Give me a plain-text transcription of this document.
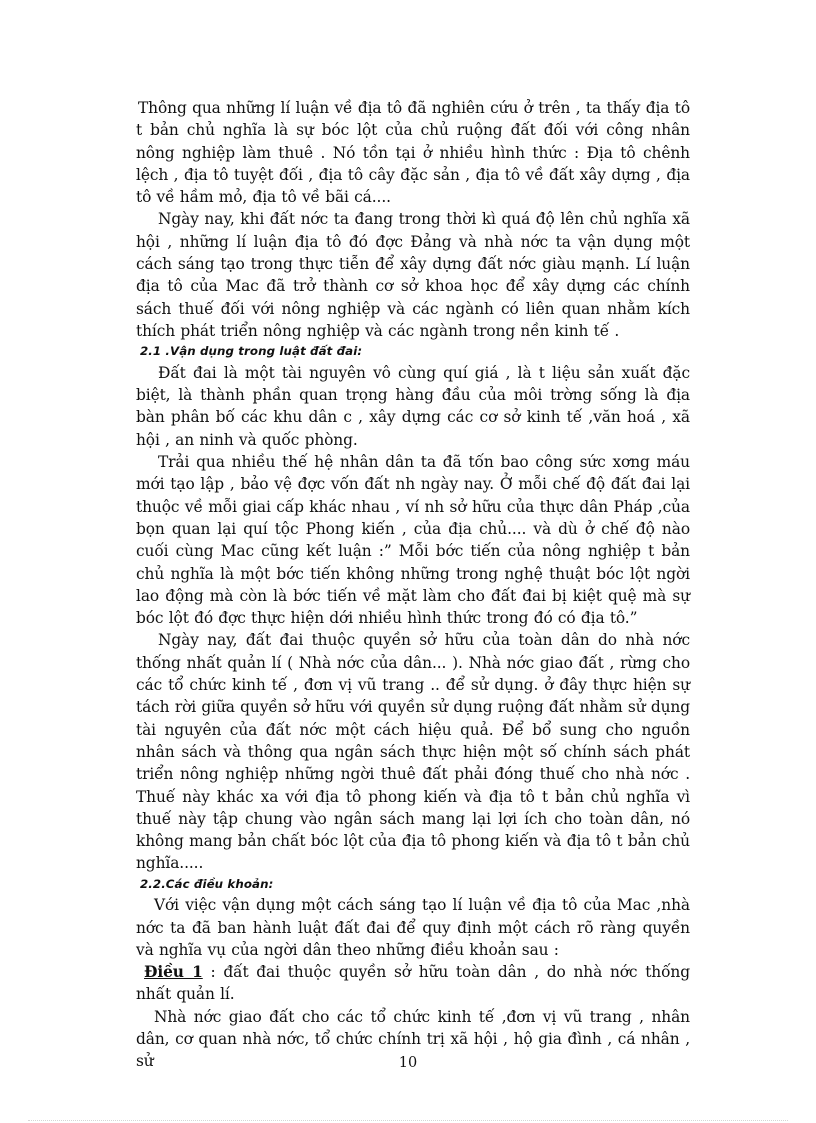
Thông qua những lí luận về địa tô đã nghiên cứu ở trên , ta thấy địa tô t bản chủ nghĩa là sự bóc lột của chủ ruộng đất đối với công nhân nông nghiệp làm thuê . Nó tồn tại ở nhiều hình thức : Địa tô chênh lệch , địa tô tuyệt đối , địa tô cây đặc sản , địa tô về đất xây dựng , địa tô về hầm mỏ, địa tô về bãi cá....

Ngày nay, khi đất nớc ta đang trong thời kì quá độ lên chủ nghĩa xã hội , những lí luận địa tô đó đợc Đảng và nhà nớc ta vận dụng một cách sáng tạo trong thực tiễn để xây dựng đất nớc giàu mạnh. Lí luận địa tô của Mac đã trở thành cơ sở khoa học để xây dựng các chính sách thuế đối với nông nghiệp và các ngành có liên quan nhằm kích thích phát triển nông nghiệp và các ngành trong nền kinh tế .

2.1 .Vận dụng trong luật đất đai:

Đất đai là một tài nguyên vô cùng quí giá , là t liệu sản xuất đặc biệt, là thành phần quan trọng hàng đầu của môi trờng sống là địa bàn phân bố các khu dân c , xây dựng các cơ sở kinh tế ,văn hoá , xã hội , an ninh và quốc phòng.

Trải qua nhiều thế hệ nhân dân ta đã tốn bao công sức xơng máu mới tạo lập , bảo vệ đợc vốn đất nh ngày nay. Ở mỗi chế độ đất đai lại thuộc về mỗi giai cấp khác nhau , ví nh sở hữu của thực dân Pháp ,của bọn quan lại quí tộc Phong kiến , của địa chủ.... và dù ở chế độ nào cuối cùng Mac cũng kết luận :” Mỗi bớc tiến của nông nghiệp t bản chủ nghĩa là một bớc tiến không những trong nghệ thuật bóc lột ngời lao động mà còn là bớc tiến về mặt làm cho đất đai bị kiệt quệ mà sự bóc lột đó đợc thực hiện dới nhiều hình thức trong đó có địa tô.”

Ngày nay, đất đai thuộc quyền sở hữu của toàn dân do nhà nớc thống nhất quản lí ( Nhà nớc của dân... ). Nhà nớc giao đất , rừng cho các tổ chức kinh tế , đơn vị vũ trang .. để sử dụng. ở đây thực hiện sự tách rời giữa quyền sở hữu với quyền sử dụng ruộng đất nhằm sử dụng tài nguyên của đất nớc một cách hiệu quả. Để bổ sung cho nguồn nhân sách và thông qua ngân sách thực hiện một số chính sách phát triển nông nghiệp những ngời thuê đất phải đóng thuế cho nhà nớc . Thuế này khác xa với địa tô phong kiến và địa tô t bản chủ nghĩa vì thuế này tập chung vào ngân sách mang lại lợi ích cho toàn dân, nó không mang bản chất bóc lột của địa tô phong kiến và địa tô t bản chủ nghĩa.....

2.2.Các điều khoản:

Với việc vận dụng một cách sáng tạo lí luận về địa tô của Mac ,nhà nớc ta đã ban hành luật đất đai để quy định một cách rõ ràng quyền và nghĩa vụ của ngời dân theo những điều khoản sau :

Điều 1 : đất đai thuộc quyền sở hữu toàn dân , do nhà nớc thống nhất quản lí.

Nhà nớc giao đất cho các tổ chức kinh tế ,đơn vị vũ trang , nhân dân, cơ quan nhà nớc, tổ chức chính trị xã hội , hộ gia đình , cá nhân , sử	10
